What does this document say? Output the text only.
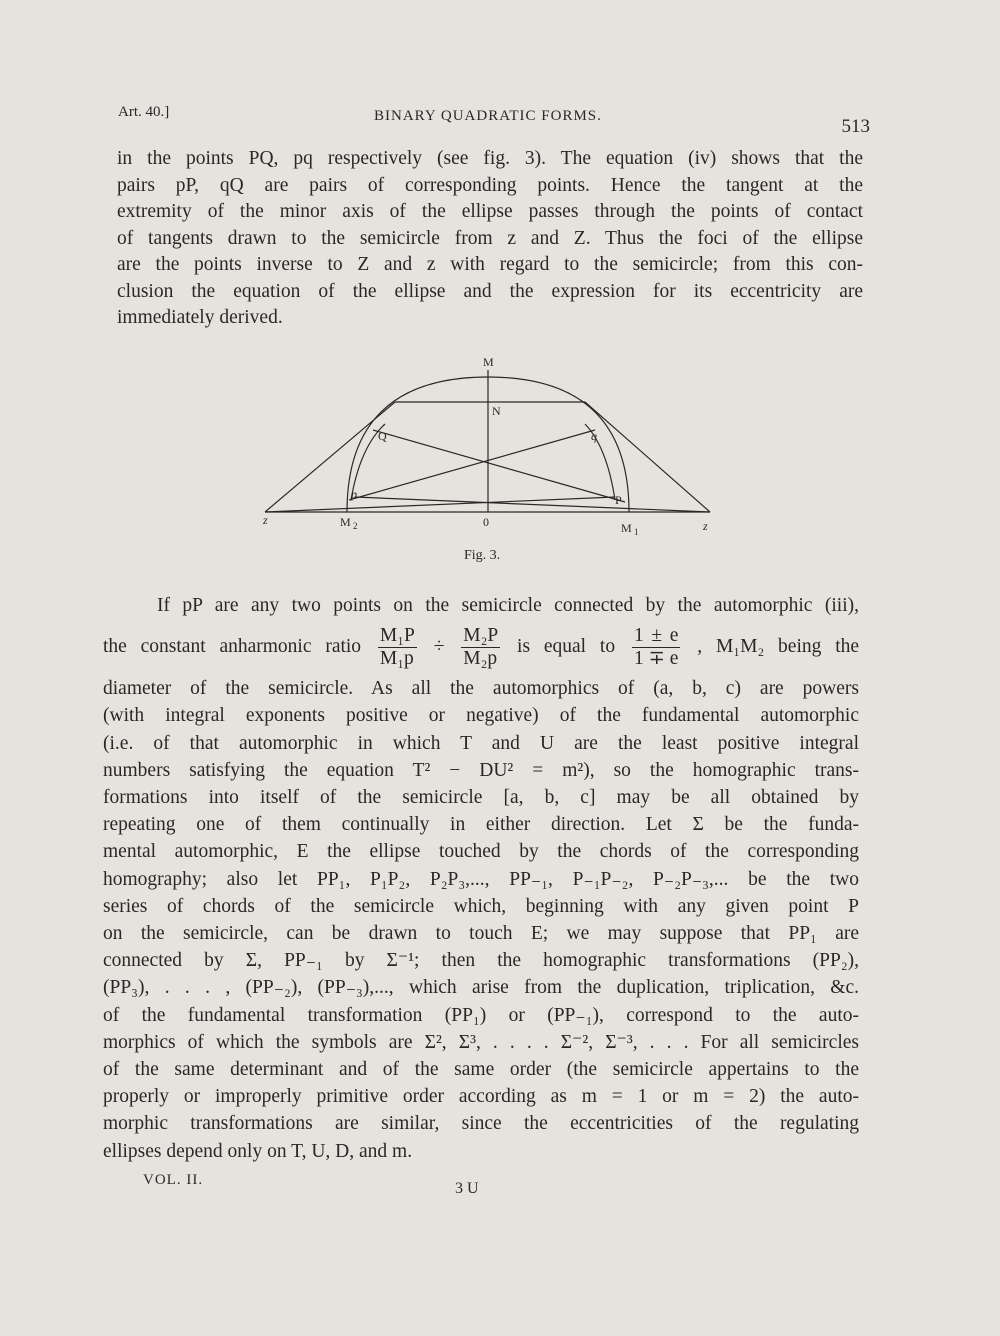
Art. 40.]	BINARY QUADRATIC FORMS.	513
in the points PQ, pq respectively (see fig. 3). The equation (iv) shows that the
pairs pP, qQ are pairs of corresponding points. Hence the tangent at the
extremity of the minor axis of the ellipse passes through the points of contact
of tangents drawn to the semicircle from z and Z. Thus the foci of the ellipse
are the points inverse to Z and z with regard to the semicircle; from this con-
clusion the equation of the ellipse and the expression for its eccentricity are
immediately derived.
M
N
Q	q
p	P
z	M 2	0	M 1	z
Fig. 3.
If pP are any two points on the semicircle connected by the automorphic (iii),
the constant anharmonic ratio $\frac{\text{M₁P}}{\text{M₁p}} \div \frac{\text{M₂P}}{\text{M₂p}}$ is equal to $\frac{1 \pm e}{1 \mp e}$ , M₁M₂ being the
diameter of the semicircle. As all the automorphics of (a, b, c) are powers
(with integral exponents positive or negative) of the fundamental automorphic
(i.e. of that automorphic in which T and U are the least positive integral
numbers satisfying the equation T² − DU² = m²), so the homographic trans-
formations into itself of the semicircle [a, b, c] may be all obtained by
repeating one of them continually in either direction. Let Σ be the funda-
mental automorphic, E the ellipse touched by the chords of the corresponding
homography; also let PP₁, P₁P₂, P₂P₃,..., PP₋₁, P₋₁P₋₂, P₋₂P₋₃,... be the two
series of chords of the semicircle which, beginning with any given point P
on the semicircle, can be drawn to touch E; we may suppose that PP₁ are
connected by Σ, PP₋₁ by Σ⁻¹; then the homographic transformations (PP₂),
(PP₃), . . . , (PP₋₂), (PP₋₃),..., which arise from the duplication, triplication, &c.
of the fundamental transformation (PP₁) or (PP₋₁), correspond to the auto-
morphics of which the symbols are Σ², Σ³, . . . . Σ⁻², Σ⁻³, . . . For all semicircles
of the same determinant and of the same order (the semicircle appertains to the
properly or improperly primitive order according as m = 1 or m = 2) the auto-
morphic transformations are similar, since the eccentricities of the regulating
ellipses depend only on T, U, D, and m.
VOL. II.	3 U
